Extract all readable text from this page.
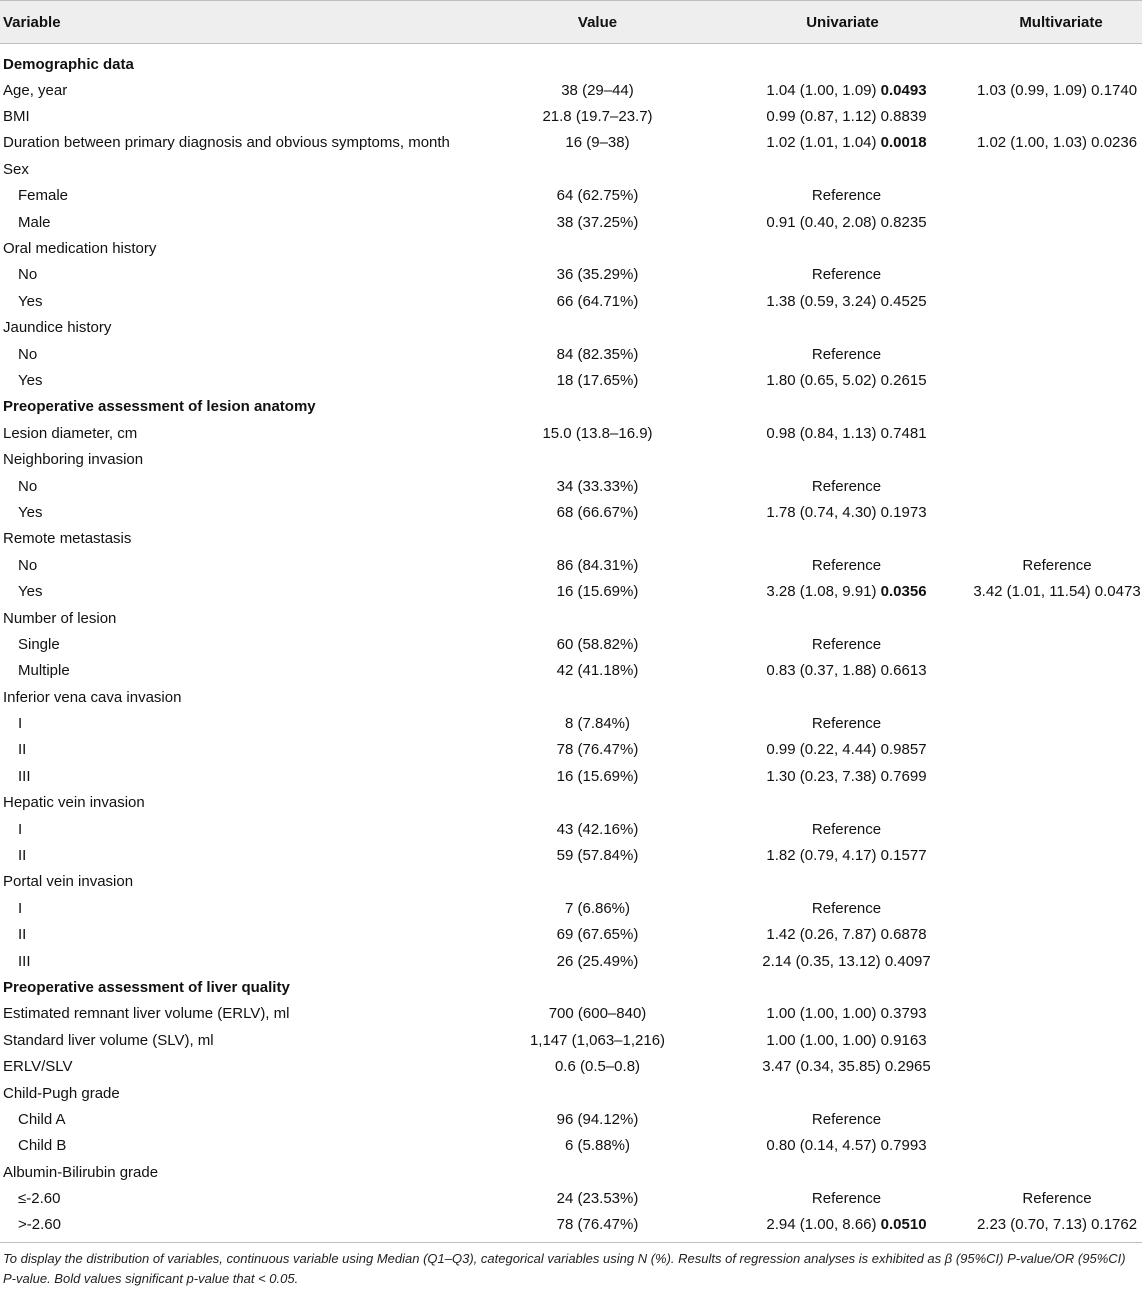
Variable	Value	Univariate	Multivariate
Demographic data			
Age, year	38 (29–44)	1.04 (1.00, 1.09) 0.0493	1.03 (0.99, 1.09) 0.1740
BMI	21.8 (19.7–23.7)	0.99 (0.87, 1.12) 0.8839	
Duration between primary diagnosis and obvious symptoms, month	16 (9–38)	1.02 (1.01, 1.04) 0.0018	1.02 (1.00, 1.03) 0.0236
Sex			
Female	64 (62.75%)	Reference	
Male	38 (37.25%)	0.91 (0.40, 2.08) 0.8235	
Oral medication history			
No	36 (35.29%)	Reference	
Yes	66 (64.71%)	1.38 (0.59, 3.24) 0.4525	
Jaundice history			
No	84 (82.35%)	Reference	
Yes	18 (17.65%)	1.80 (0.65, 5.02) 0.2615	
Preoperative assessment of lesion anatomy			
Lesion diameter, cm	15.0 (13.8–16.9)	0.98 (0.84, 1.13) 0.7481	
Neighboring invasion			
No	34 (33.33%)	Reference	
Yes	68 (66.67%)	1.78 (0.74, 4.30) 0.1973	
Remote metastasis			
No	86 (84.31%)	Reference	Reference
Yes	16 (15.69%)	3.28 (1.08, 9.91) 0.0356	3.42 (1.01, 11.54) 0.0473
Number of lesion			
Single	60 (58.82%)	Reference	
Multiple	42 (41.18%)	0.83 (0.37, 1.88) 0.6613	
Inferior vena cava invasion			
I	8 (7.84%)	Reference	
II	78 (76.47%)	0.99 (0.22, 4.44) 0.9857	
III	16 (15.69%)	1.30 (0.23, 7.38) 0.7699	
Hepatic vein invasion			
I	43 (42.16%)	Reference	
II	59 (57.84%)	1.82 (0.79, 4.17) 0.1577	
Portal vein invasion			
I	7 (6.86%)	Reference	
II	69 (67.65%)	1.42 (0.26, 7.87) 0.6878	
III	26 (25.49%)	2.14 (0.35, 13.12) 0.4097	
Preoperative assessment of liver quality			
Estimated remnant liver volume (ERLV), ml	700 (600–840)	1.00 (1.00, 1.00) 0.3793	
Standard liver volume (SLV), ml	1,147 (1,063–1,216)	1.00 (1.00, 1.00) 0.9163	
ERLV/SLV	0.6 (0.5–0.8)	3.47 (0.34, 35.85) 0.2965	
Child-Pugh grade			
Child A	96 (94.12%)	Reference	
Child B	6 (5.88%)	0.80 (0.14, 4.57) 0.7993	
Albumin-Bilirubin grade			
≤-2.60	24 (23.53%)	Reference	Reference
>-2.60	78 (76.47%)	2.94 (1.00, 8.66) 0.0510	2.23 (0.70, 7.13) 0.1762
To display the distribution of variables, continuous variable using Median (Q1–Q3), categorical variables using N (%). Results of regression analyses is exhibited as β (95%CI) P-value/OR (95%CI) P-value. Bold values significant p-value that < 0.05.
